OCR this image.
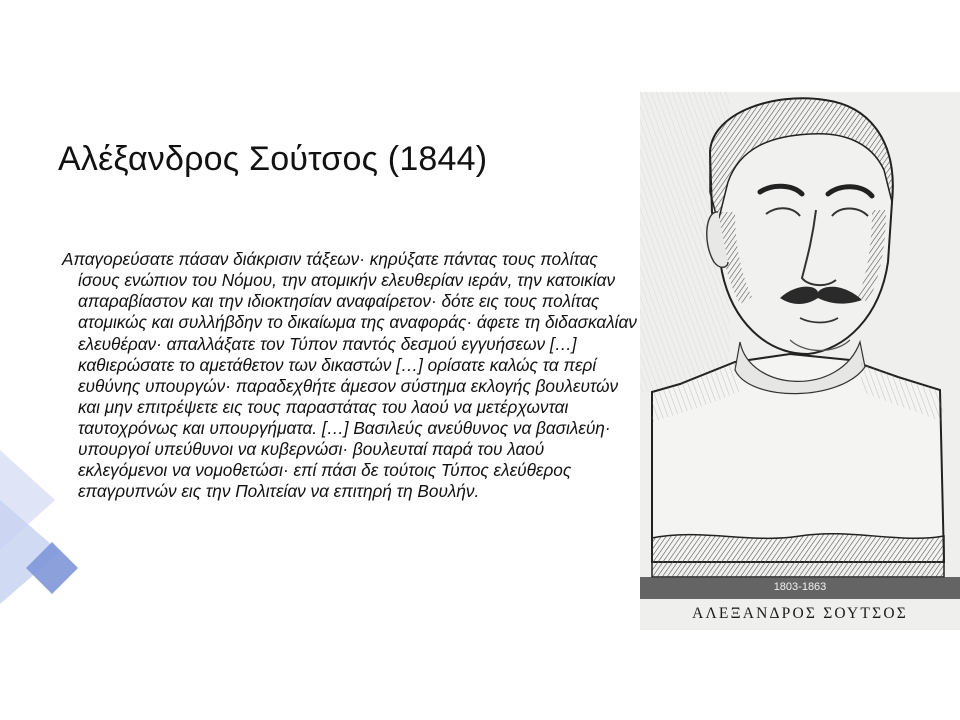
Αλέξανδρος Σούτσος (1844)

Απαγορεύσατε πάσαν διάκρισιν τάξεων· κηρύξατε πάντας τους πολίτας ίσους ενώπιον του Νόμου, την ατομικήν ελευθερίαν ιεράν, την κατοικίαν απαραβίαστον και την ιδιοκτησίαν αναφαίρετον· δότε εις τους πολίτας ατομικώς και συλλήβδην το δικαίωμα της αναφοράς· άφετε τη διδασκαλίαν ελευθέραν· απαλλάξατε τον Τύπον παντός δεσμού εγγυήσεων […] καθιερώσατε το αμετάθετον των δικαστών […] ορίσατε καλώς τα περί ευθύνης υπουργών· παραδεχθήτε άμεσον σύστημα εκλογής βουλευτών και μην επιτρέψετε εις τους παραστάτας του λαού να μετέρχωνται ταυτοχρόνως και υπουργήματα. […] Βασιλεύς ανεύθυνος να βασιλεύη· υπουργοί υπεύθυνοι να κυβερνώσι· βουλευταί παρά του λαού εκλεγόμενοι να νομοθετώσι· επί πάσι δε τούτοις Τύπος ελεύθερος επαγρυπνών εις την Πολιτείαν να επιτηρή τη Βουλήν.

1803-1863
ΑΛΕΞΑΝΔΡΟΣ ΣΟΥΤΣΟΣ
